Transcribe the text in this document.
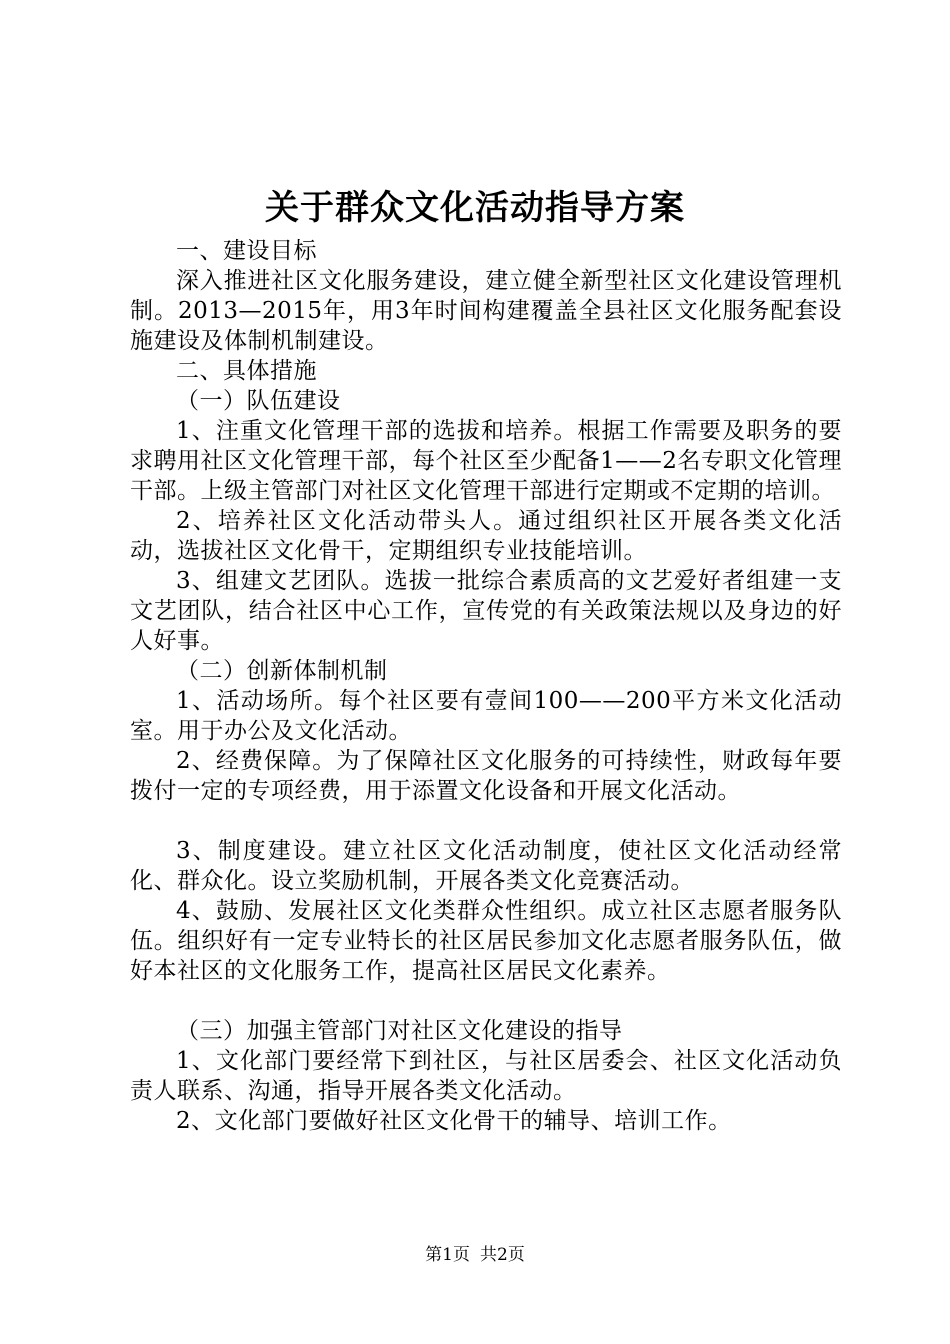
关于群众文化活动指导方案

一、建设目标

深入推进社区文化服务建设，建立健全新型社区文化建设管理机制。2013—2015年，用3年时间构建覆盖全县社区文化服务配套设施建设及体制机制建设。

二、具体措施

（一）队伍建设

1、注重文化管理干部的选拔和培养。根据工作需要及职务的要求聘用社区文化管理干部，每个社区至少配备1——2名专职文化管理干部。上级主管部门对社区文化管理干部进行定期或不定期的培训。

2、培养社区文化活动带头人。通过组织社区开展各类文化活动，选拔社区文化骨干，定期组织专业技能培训。

3、组建文艺团队。选拔一批综合素质高的文艺爱好者组建一支文艺团队，结合社区中心工作，宣传党的有关政策法规以及身边的好人好事。

（二）创新体制机制

1、活动场所。每个社区要有壹间100——200平方米文化活动室。用于办公及文化活动。

2、经费保障。为了保障社区文化服务的可持续性，财政每年要拨付一定的专项经费，用于添置文化设备和开展文化活动。

3、制度建设。建立社区文化活动制度，使社区文化活动经常化、群众化。设立奖励机制，开展各类文化竞赛活动。

4、鼓励、发展社区文化类群众性组织。成立社区志愿者服务队伍。组织好有一定专业特长的社区居民参加文化志愿者服务队伍，做好本社区的文化服务工作，提高社区居民文化素养。

（三）加强主管部门对社区文化建设的指导

1、文化部门要经常下到社区，与社区居委会、社区文化活动负责人联系、沟通，指导开展各类文化活动。

2、文化部门要做好社区文化骨干的辅导、培训工作。

第1页 共2页
